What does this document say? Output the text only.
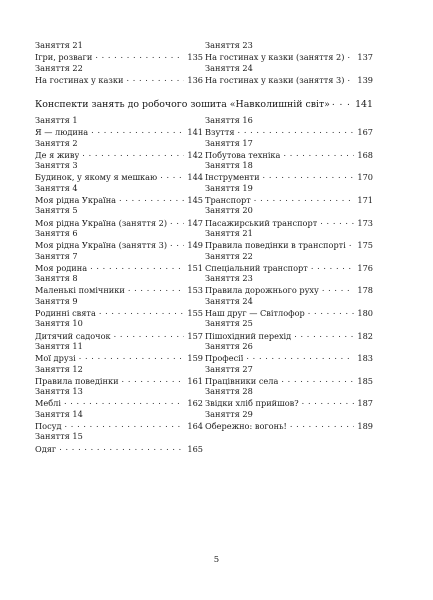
Заняття 21
Ігри, розваги . . .	135
Заняття 22
На гостинах у казки . . .	136
Заняття 23
На гостинах у казки (заняття 2) . . . 137
Заняття 24
На гостинах у казки (заняття 3) . . . 139
Конспекти занять до робочого зошита «Навколишній світ» . . .	141
Заняття 1
Я — людина . . .	141
Заняття 2
Де я живу . . .	142
Заняття 3
Будинок, у якому я мешкаю . . .	144
Заняття 4
Моя рідна Україна . . .	145
Заняття 5
Моя рідна Україна (заняття 2) . . . 147
Заняття 6
Моя рідна Україна (заняття 3) . . . 149
Заняття 7
Моя родина . . .	151
Заняття 8
Маленькі помічники . . .	153
Заняття 9
Родинні свята . . .	155
Заняття 10
Дитячий садочок . . .	157
Заняття 11
Мої друзі . . .	159
Заняття 12
Правила поведінки . . .	161
Заняття 13
Меблі . . .	162
Заняття 14
Посуд . . .	164
Заняття 15
Одяг . . .	165
Заняття 16
Взуття . . .	167
Заняття 17
Побутова техніка . . .	168
Заняття 18
Інструменти . . .	170
Заняття 19
Транспорт . . .	171
Заняття 20
Пасажирський транспорт . . .	173
Заняття 21
Правила поведінки в транспорті . . . 175
Заняття 22
Спеціальний транспорт . . .	176
Заняття 23
Правила дорожнього руху . . .	178
Заняття 24
Наш друг — Світлофор . . .	180
Заняття 25
Пішохідний перехід . . .	182
Заняття 26
Професії . . .	183
Заняття 27
Працівники села . . .	185
Заняття 28
Звідки хліб прийшов? . . .	187
Заняття 29
Обережно: вогонь! . . .	189
5
